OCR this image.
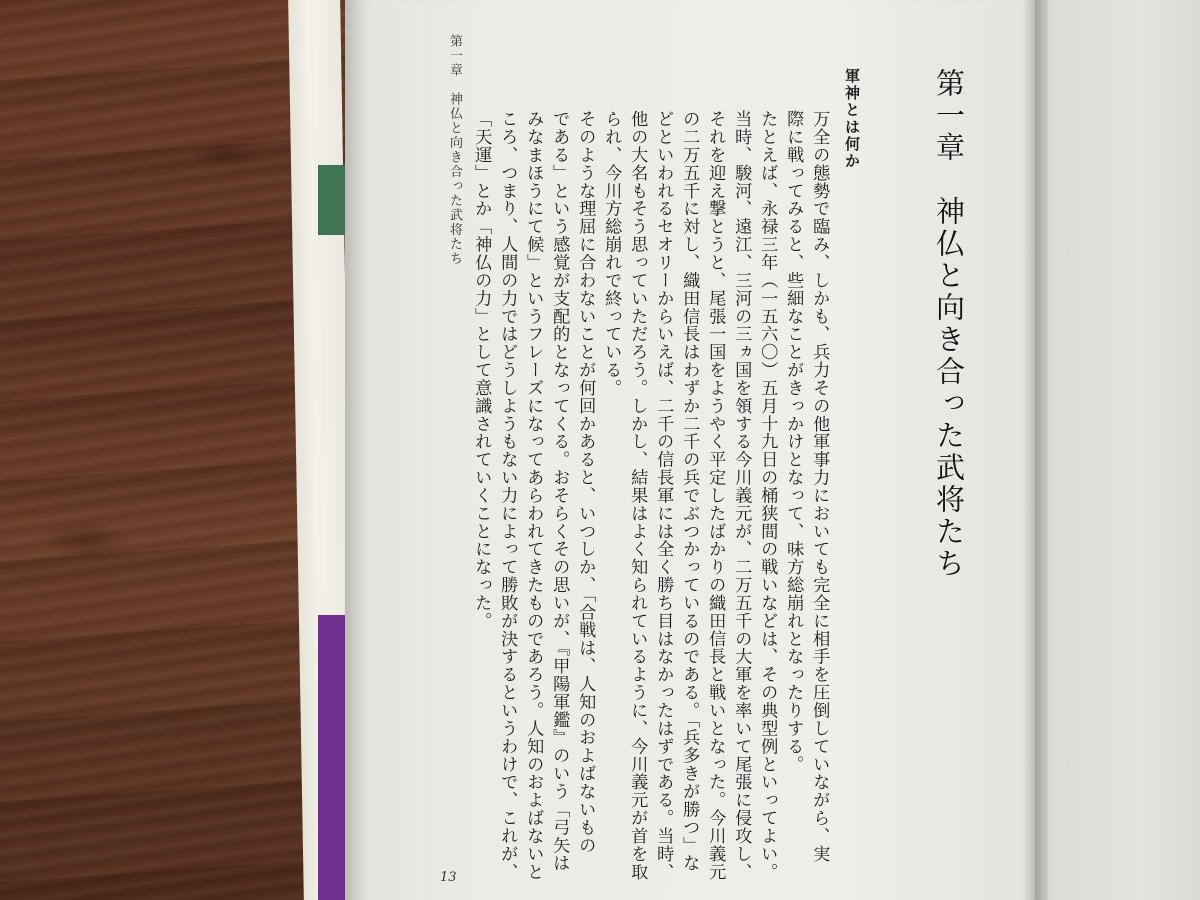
第一章　神仏と向き合った武将たち	第一章　神仏と向き合った武将たち
軍神とは何か
万全の態勢で臨み、しかも、兵力その他軍事力においても完全に相手を圧倒していながら、実
際に戦ってみると、些細なことがきっかけとなって、味方総崩れとなったりする。
たとえば、永禄三年（一五六〇）五月十九日の桶狭間の戦いなどは、その典型例といってよい。
当時、駿河、遠江、三河の三ヵ国を領する今川義元が、二万五千の大軍を率いて尾張に侵攻し、
それを迎え撃とうと、尾張一国をようやく平定したばかりの織田信長と戦いとなった。今川義元
の二万五千に対し、織田信長はわずか二千の兵でぶつかっているのである。「兵多きが勝つ」な
どといわれるセオリーからいえば、二千の信長軍には全く勝ち目はなかったはずである。当時、
他の大名もそう思っていただろう。しかし、結果はよく知られているように、今川義元が首を取
られ、今川方総崩れで終っている。
そのような理屈に合わないことが何回かあると、いつしか、「合戦は、人知のおよばないもの
である」という感覚が支配的となってくる。おそらくその思いが、『甲陽軍鑑』のいう「弓矢は
みなまほうにて候」というフレーズになってあらわれてきたものであろう。人知のおよばないと
ころ、つまり、人間の力ではどうしようもない力によって勝敗が決するというわけで、これが、
「天運」とか「神仏の力」として意識されていくことになった。
13
